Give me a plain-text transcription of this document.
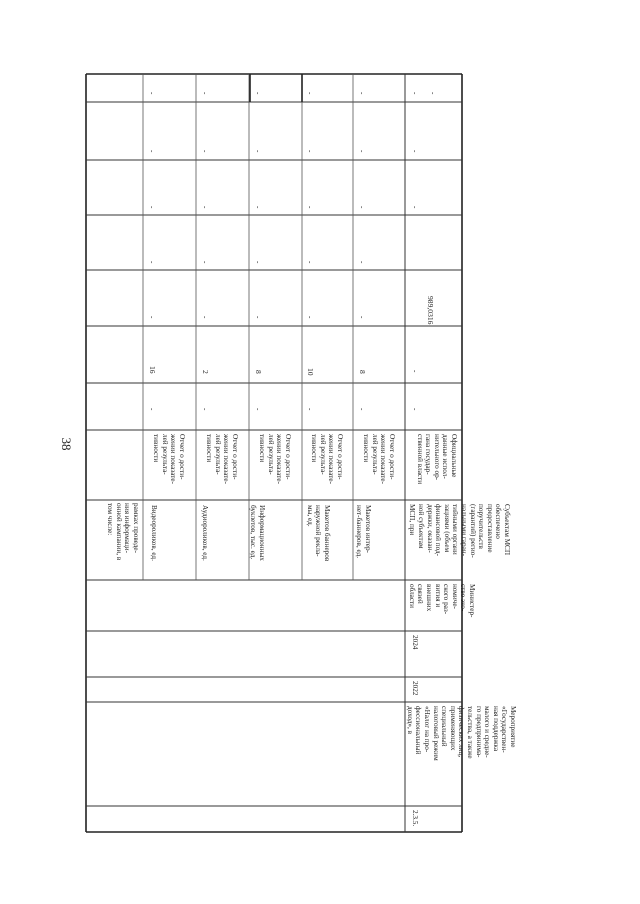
38
рамках проведе-
ния информаци-
онной кампании, в
том числе:	Видеороликов, ед.
Отчет о дости-
жении показате-
лей результа-
тивности
-
16
-
-
-
-
-
Аудиороликов, ед.
Отчет о дости-
жении показате-
лей результа-
тивности
-
2
-
-
-
-
-
Информационных
буклетов, тыс. ед.
Отчет о дости-
жении показате-
лей результа-
тивности
-
8
-
-
-
-
-
Макетов баннеров
наружной рекла-
мы, ед.
Отчет о дости-
жении показате-
лей результа-
тивности
-
10
-
-
-
-
-
Макетов интер-
нет-баннеров, ед.
Отчет о дости-
жении показате-
лей результа-
тивности
-
8
-
-
-
-
-
2.3.5.
Мероприятие
«Государствен-
ная поддержка
малого и средне-
го предпринима-
тельства, а также
физических лиц,
применяющих
специальный
налоговый режим
«Налог на про-
фессиональный
доход», в
2022
2024
Министер-
ство эко-
номиче-
ского раз-
вития и
внешних
связей
области
Субъектам МСП
обеспечено
предоставление
поручительств
(гарантий) регио-
нальными гаран-
тийными органи
зациями (объем
финансовой под-
держки, оказан-
ной субъектам
МСП, при
Официальные
данные испол-
нительного ор-
гана государ-
ственной власти
-
-
989,0316
-
-
- -
